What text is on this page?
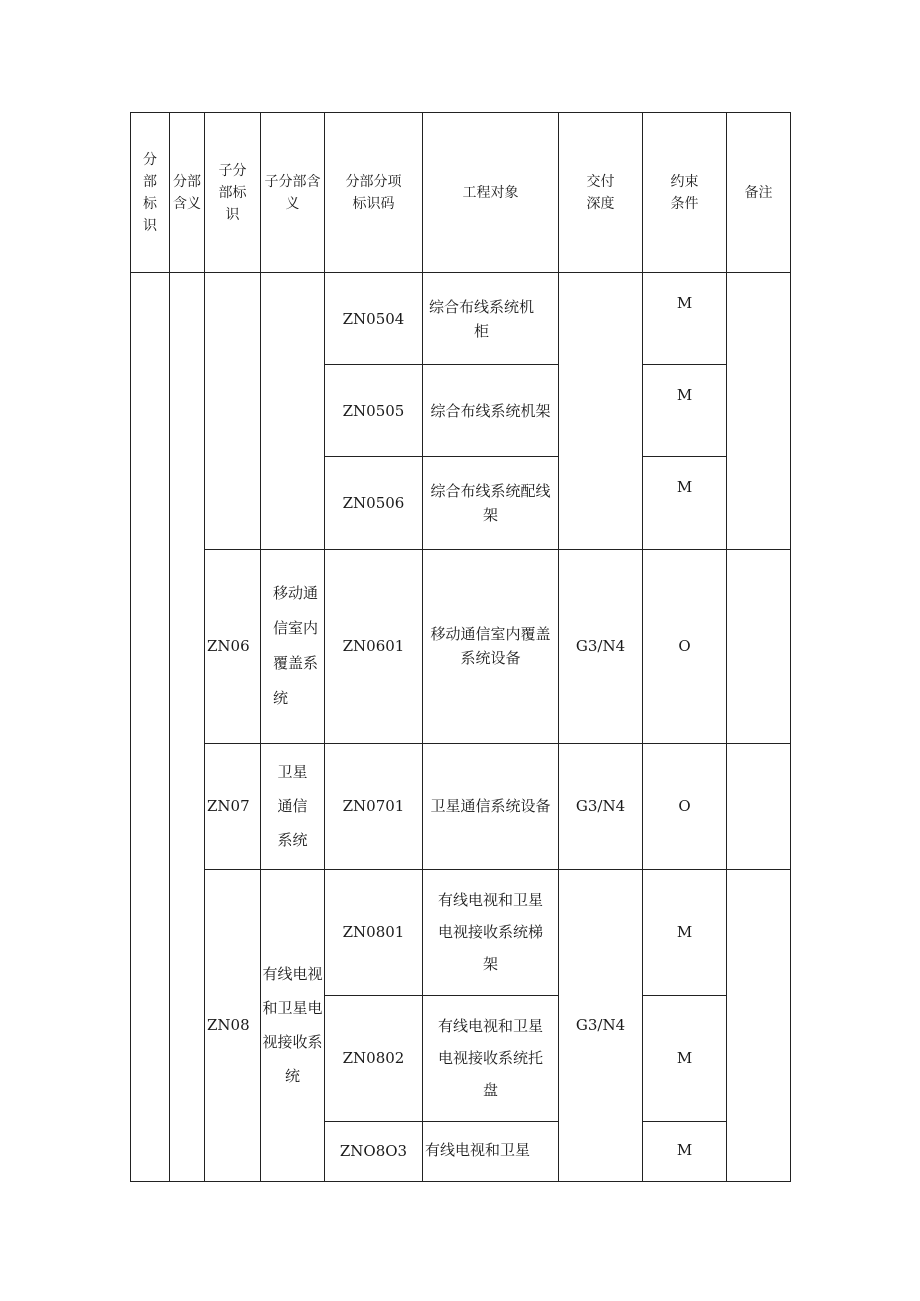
分部标识	分部含义	子分部标识	子分部含义	分部分项标识码	工程对象	交付深度	约束条件	备注
				ZN0504	综合布线系统机柜		M	

				ZN0505	综合布线系统机架		M	

				ZN0506	综合布线系统配线架		M	

		ZN06	移动通信室内覆盖系统	ZN0601	移动通信室内覆盖系统设备	G3/N4	O	
		ZN07	卫星通信系统	ZN0701	卫星通信系统设备	G3/N4	O	
		ZN08	有线电视和卫星电视接收系统	ZN0801	有线电视和卫星电视接收系统梯架	G3/N4	M	
				ZN0802	有线电视和卫星电视接收系统托盘		M	
				ZNO8O3	有线电视和卫星		M	
